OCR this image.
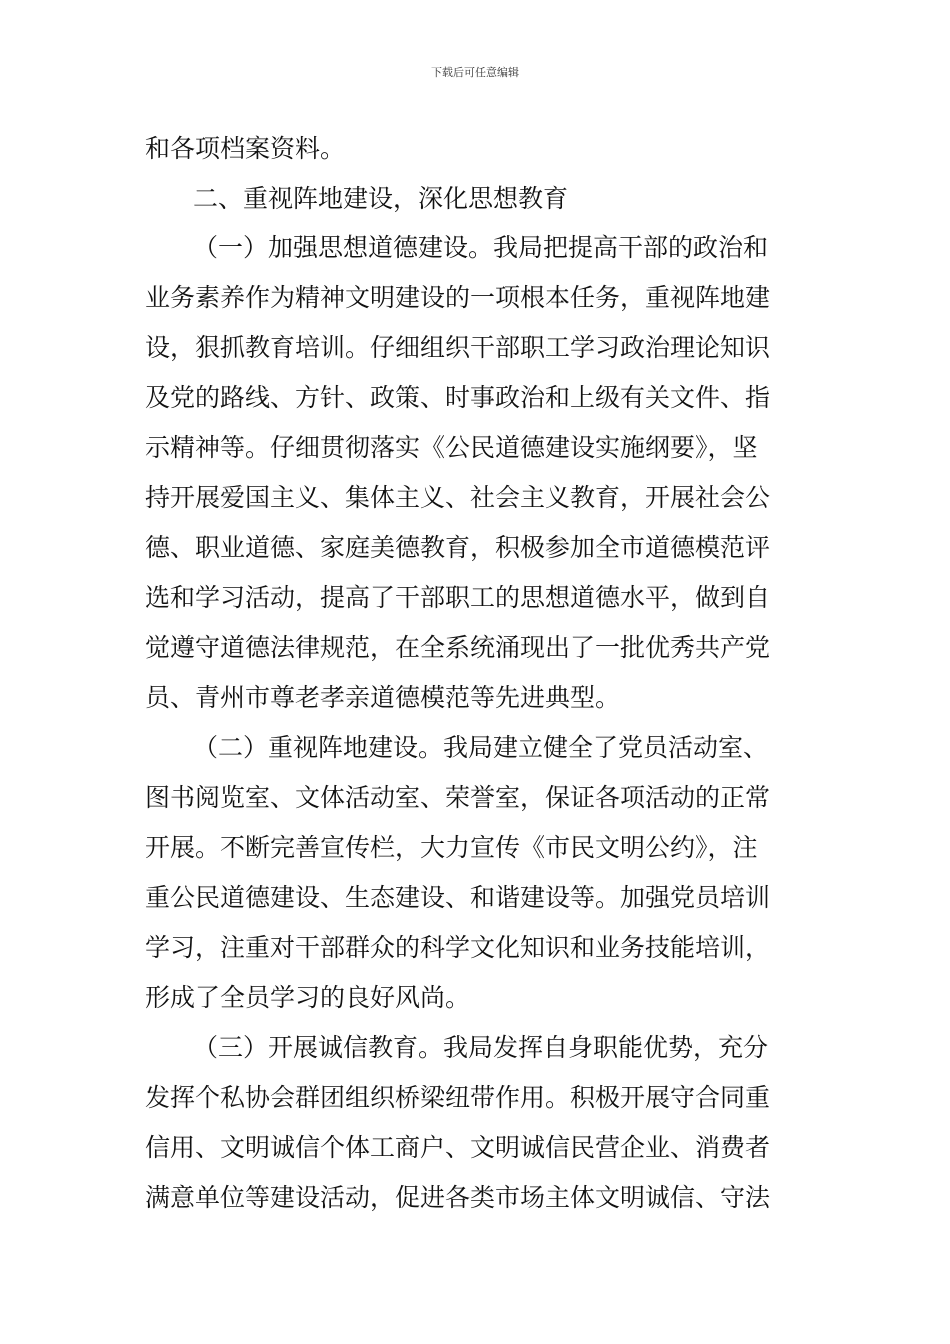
下载后可任意编辑
和各项档案资料。
二、重视阵地建设，深化思想教育
（一）加强思想道德建设。我局把提高干部的政治和
业务素养作为精神文明建设的一项根本任务，重视阵地建
设，狠抓教育培训。仔细组织干部职工学习政治理论知识
及党的路线、方针、政策、时事政治和上级有关文件、指
示精神等。仔细贯彻落实《公民道德建设实施纲要》，坚
持开展爱国主义、集体主义、社会主义教育，开展社会公
德、职业道德、家庭美德教育，积极参加全市道德模范评
选和学习活动，提高了干部职工的思想道德水平，做到自
觉遵守道德法律规范，在全系统涌现出了一批优秀共产党
员、青州市尊老孝亲道德模范等先进典型。
（二）重视阵地建设。我局建立健全了党员活动室、
图书阅览室、文体活动室、荣誉室，保证各项活动的正常
开展。不断完善宣传栏，大力宣传《市民文明公约》，注
重公民道德建设、生态建设、和谐建设等。加强党员培训
学习，注重对干部群众的科学文化知识和业务技能培训，
形成了全员学习的良好风尚。
（三）开展诚信教育。我局发挥自身职能优势，充分
发挥个私协会群团组织桥梁纽带作用。积极开展守合同重
信用、文明诚信个体工商户、文明诚信民营企业、消费者
满意单位等建设活动，促进各类市场主体文明诚信、守法
